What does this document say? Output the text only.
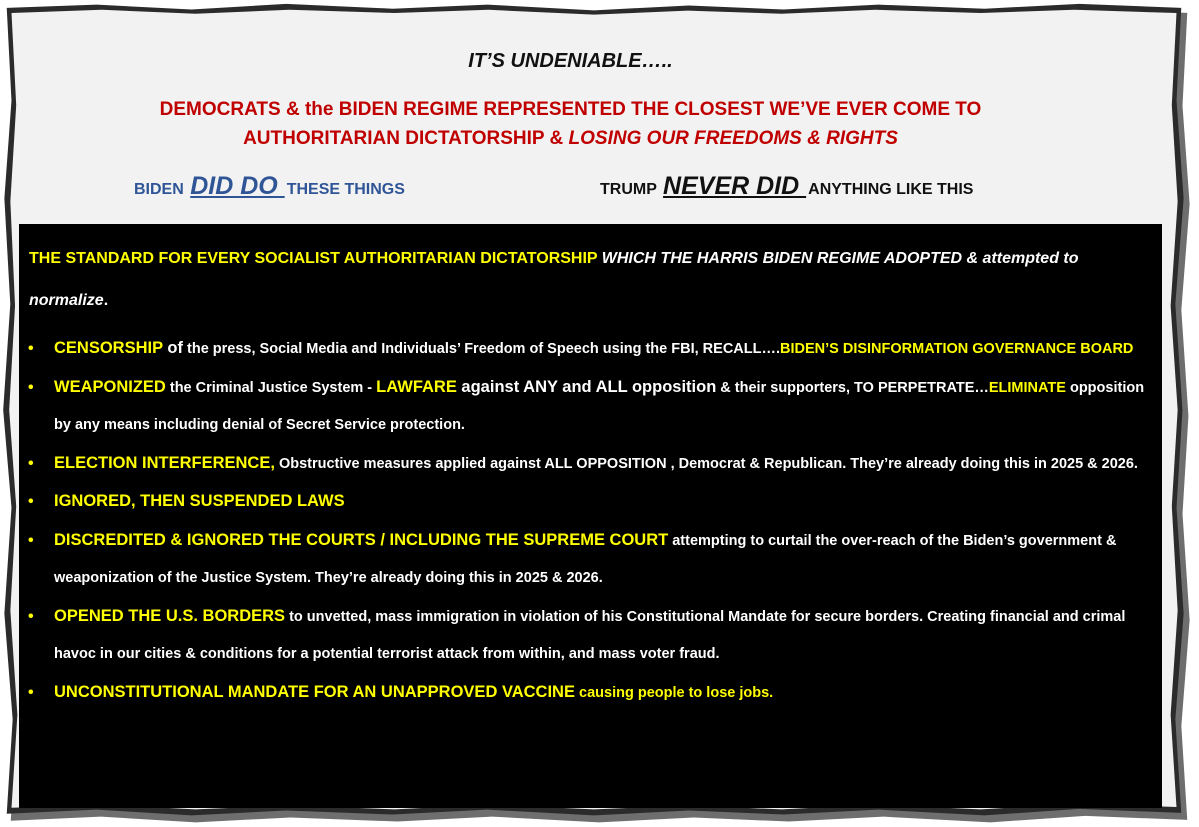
IT’S UNDENIABLE…..
DEMOCRATS & the BIDEN REGIME REPRESENTED THE CLOSEST WE’VE EVER COME TO
AUTHORITARIAN DICTATORSHIP & LOSING OUR FREEDOMS & RIGHTS
BIDEN DID DO THESE THINGS	TRUMP NEVER DID ANYTHING LIKE THIS
THE STANDARD FOR EVERY SOCIALIST AUTHORITARIAN DICTATORSHIP WHICH THE HARRIS BIDEN REGIME ADOPTED & attempted to normalize.
• CENSORSHIP of the press, Social Media and Individuals’ Freedom of Speech using the FBI, RECALL….BIDEN’S DISINFORMATION GOVERNANCE BOARD
• WEAPONIZED the Criminal Justice System - LAWFARE against ANY and ALL opposition & their supporters, TO PERPETRATE…ELIMINATE opposition by any means including denial of Secret Service protection.
• ELECTION INTERFERENCE, Obstructive measures applied against ALL OPPOSITION , Democrat & Republican. They’re already doing this in 2025 & 2026.
• IGNORED, THEN SUSPENDED LAWS
• DISCREDITED & IGNORED THE COURTS / INCLUDING THE SUPREME COURT attempting to curtail the over-reach of the Biden’s government & weaponization of the Justice System. They’re already doing this in 2025 & 2026.
• OPENED THE U.S. BORDERS to unvetted, mass immigration in violation of his Constitutional Mandate for secure borders. Creating financial and crimal havoc in our cities & conditions for a potential terrorist attack from within, and mass voter fraud.
• UNCONSTITUTIONAL MANDATE FOR AN UNAPPROVED VACCINE causing people to lose jobs.
